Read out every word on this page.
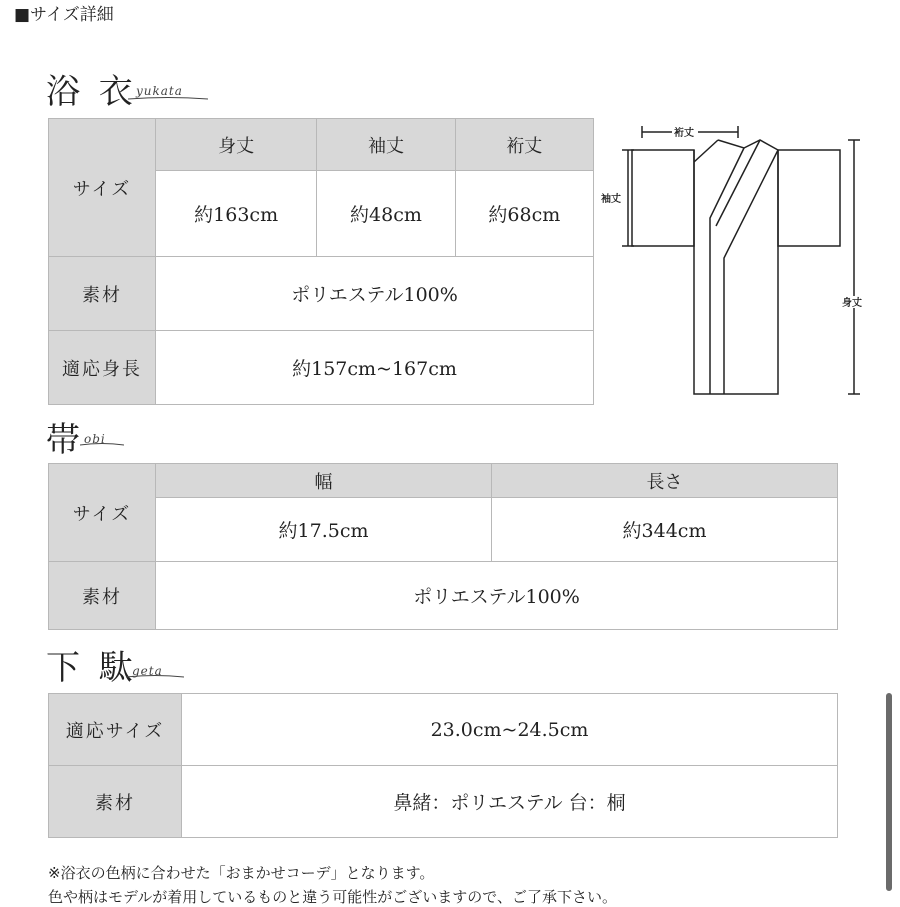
■サイズ詳細
浴 衣 yukata
サイズ	身丈	袖丈	裄丈
	約163cm	約48cm	約68cm
素材	ポリエステル100%		
適応身長	約157cm~167cm		
裄丈
袖丈
身丈
帯 obi
サイズ	幅	長さ
	約17.5cm	約344cm
素材	ポリエステル100%	
下 駄
geta
適応サイズ	23.0cm~24.5cm
素材	鼻緒：ポリエステル 台：桐
※浴衣の色柄に合わせた「おまかせコーデ」となります。
色や柄はモデルが着用しているものと違う可能性がございますので、ご了承下さい。
